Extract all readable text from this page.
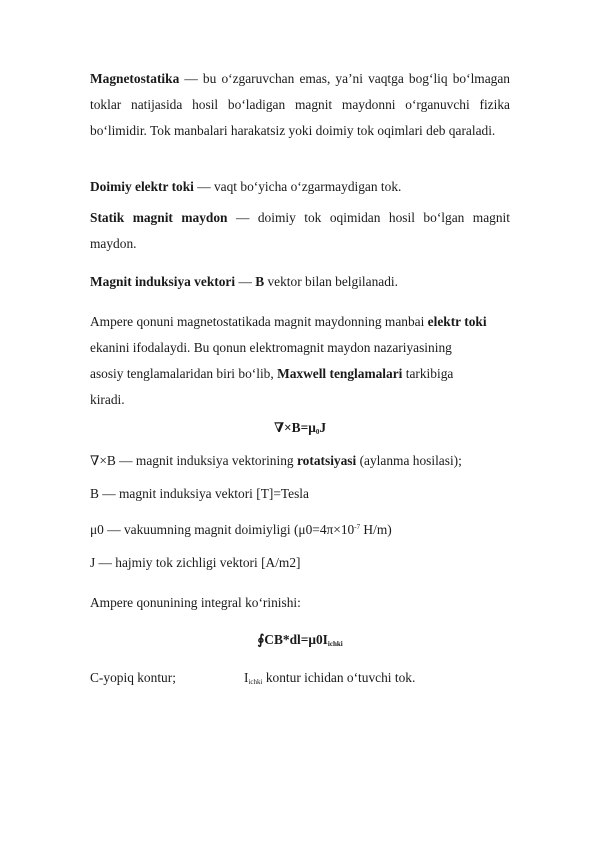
Magnetostatika — bu o‘zgaruvchan emas, ya’ni vaqtga bog‘liq bo‘lmagan toklar natijasida hosil bo‘ladigan magnit maydonni o‘rganuvchi fizika bo‘limidir. Tok manbalari harakatsiz yoki doimiy tok oqimlari deb qaraladi.

Doimiy elektr toki — vaqt bo‘yicha o‘zgarmaydigan tok.

Statik magnit maydon — doimiy tok oqimidan hosil bo‘lgan magnit maydon.

Magnit induksiya vektori — B vektor bilan belgilanadi.

Ampere qonuni magnetostatikada magnit maydonning manbai elektr toki
ekanini ifodalaydi. Bu qonun elektromagnit maydon nazariyasining
asosiy tenglamalaridan biri bo‘lib, Maxwell tenglamalari tarkibiga
kiradi.

$\nabla\times B=\mu_0J$

∇×B — magnit induksiya vektorining rotatsiyasi (aylanma hosilasi);

B — magnit induksiya vektori [T]=Tesla

μ0 — vakuumning magnit doimiyligi ($\mu 0=4\pi\times 10^{-7}$ H/m)

J — hajmiy tok zichligi vektori [A/m2]

Ampere qonunining integral ko‘rinishi:

$∮CB*dl=\mu 0I_{ichki}$

C-yopiq kontur;	$I_{ichki}$ kontur ichidan o‘tuvchi tok.
